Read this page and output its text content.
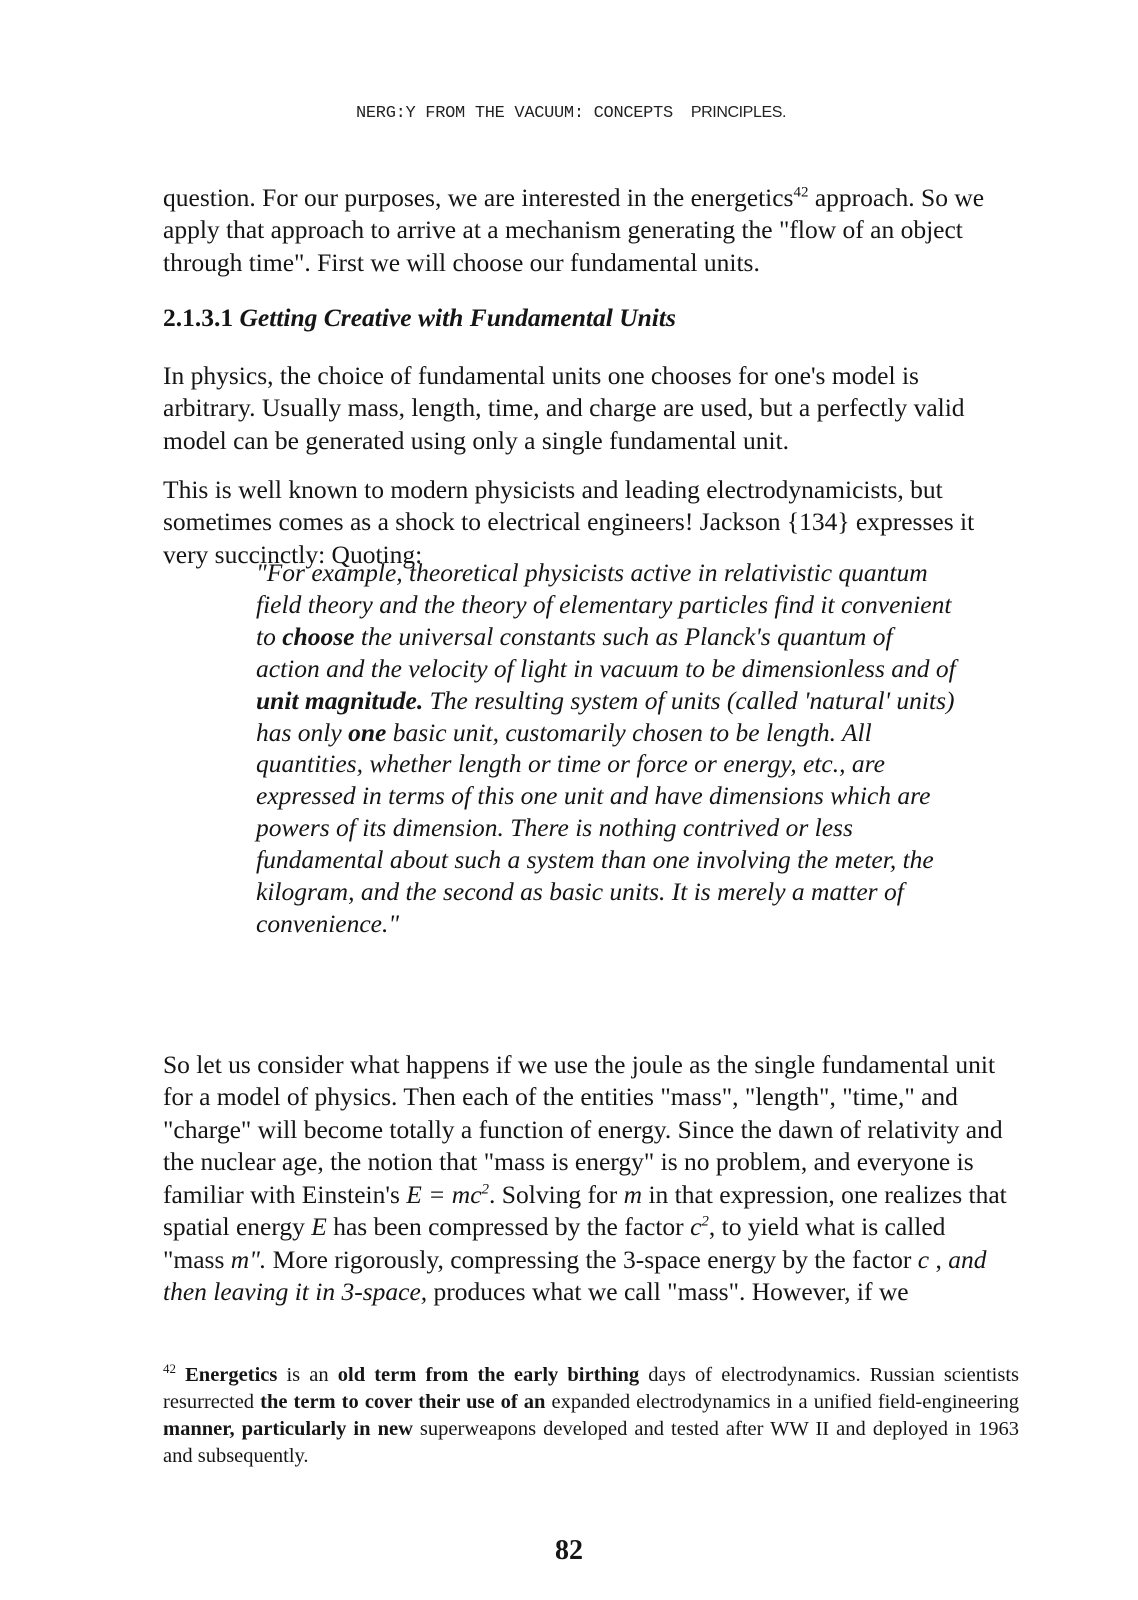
NERG:Y FROM THE VACUUM: CONCEPTS PRINCIPLES.

question. For our purposes, we are interested in the energetics$^{42}$ approach. So we apply that approach to arrive at a mechanism generating the "flow of an object through time". First we will choose our fundamental units.

2.1.3.1 Getting Creative with Fundamental Units

In physics, the choice of fundamental units one chooses for one's model is arbitrary. Usually mass, length, time, and charge are used, but a perfectly valid model can be generated using only a single fundamental unit.

This is well known to modern physicists and leading electrodynamicists, but sometimes comes as a shock to electrical engineers! Jackson {134} expresses it very succinctly: Quoting:

"For example, theoretical physicists active in relativistic quantum field theory and the theory of elementary particles find it convenient to choose the universal constants such as Planck's quantum of action and the velocity of light in vacuum to be dimensionless and of unit magnitude. The resulting system of units (called 'natural' units) has only one basic unit, customarily chosen to be length. All quantities, whether length or time or force or energy, etc., are expressed in terms of this one unit and have dimensions which are powers of its dimension. There is nothing contrived or less fundamental about such a system than one involving the meter, the kilogram, and the second as basic units. It is merely a matter of convenience."

So let us consider what happens if we use the joule as the single fundamental unit for a model of physics. Then each of the entities "mass", "length", "time," and "charge" will become totally a function of energy. Since the dawn of relativity and the nuclear age, the notion that "mass is energy" is no problem, and everyone is familiar with Einstein's $E = mc^2$. Solving for m in that expression, one realizes that spatial energy E has been compressed by the factor $c^2$, to yield what is called "mass m". More rigorously, compressing the 3-space energy by the factor c , and then leaving it in 3-space, produces what we call "mass". However, if we

$^{42}$ Energetics is an old term from the early birthing days of electrodynamics. Russian scientists resurrected the term to cover their use of an expanded electrodynamics in a unified field-engineering manner, particularly in new superweapons developed and tested after WW II and deployed in 1963 and subsequently.
82
